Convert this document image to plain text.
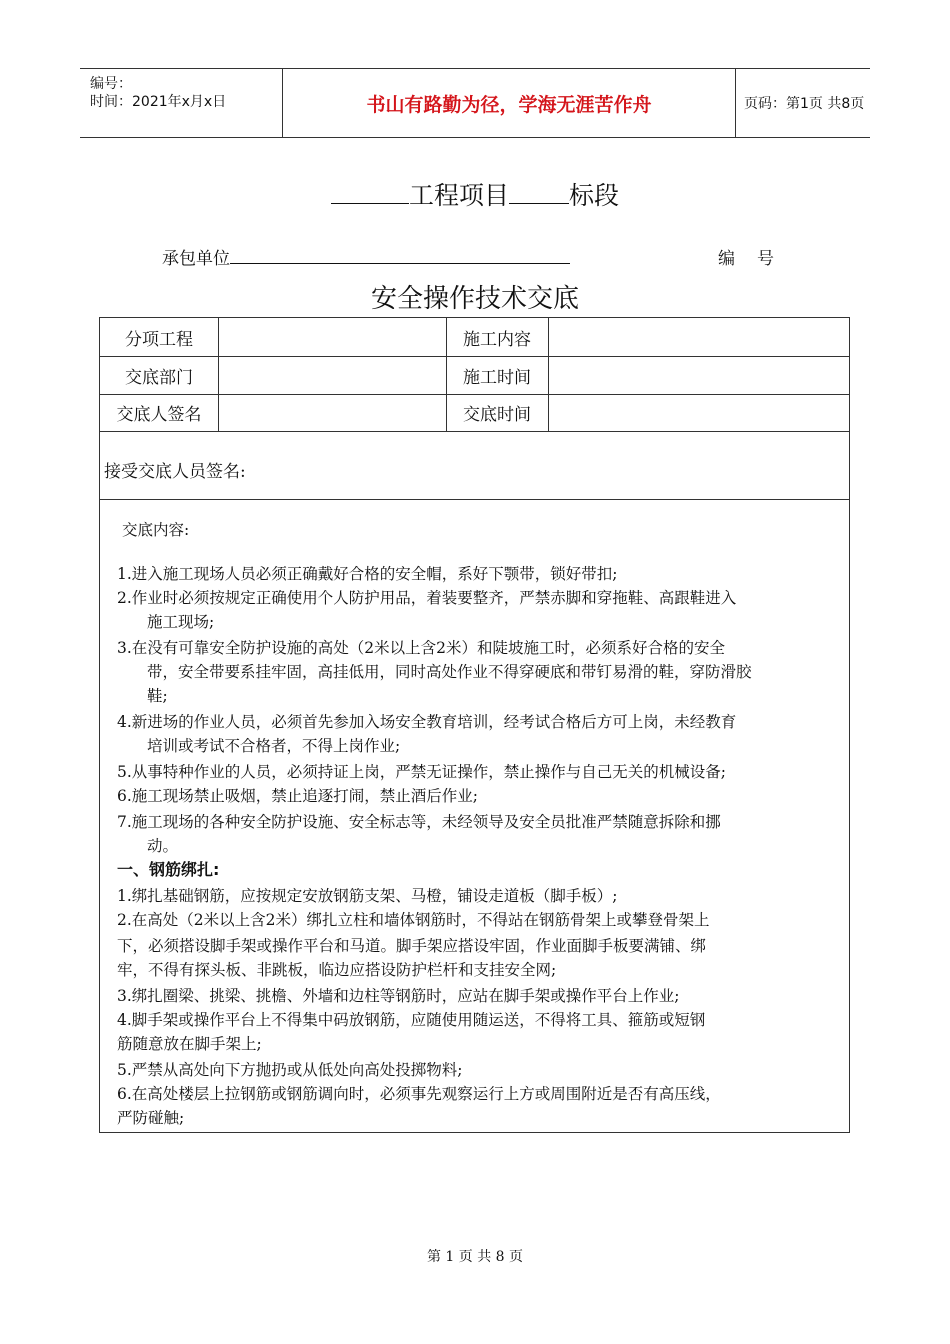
编号：
时间：2021年x月x日	书山有路勤为径，学海无涯苦作舟	页码：第1页 共8页
工程项目 标段
承包单位	编号
安全操作技术交底
分项工程	施工内容
交底部门	施工时间
交底人签名	交底时间
接受交底人员签名:

交底内容:

1.进入施工现场人员必须正确戴好合格的安全帽，系好下颚带，锁好带扣;

2.作业时必须按规定正确使用个人防护用品，着装要整齐，严禁赤脚和穿拖鞋、高跟鞋进入

施工现场;

3.在没有可靠安全防护设施的高处（2米以上含2米）和陡坡施工时，必须系好合格的安全

带，安全带要系挂牢固，高挂低用，同时高处作业不得穿硬底和带钉易滑的鞋，穿防滑胶

鞋;

4.新进场的作业人员，必须首先参加入场安全教育培训，经考试合格后方可上岗，未经教育

培训或考试不合格者，不得上岗作业;

5.从事特种作业的人员，必须持证上岗，严禁无证操作，禁止操作与自己无关的机械设备;

6.施工现场禁止吸烟，禁止追逐打闹，禁止酒后作业;

7.施工现场的各种安全防护设施、安全标志等，未经领导及安全员批准严禁随意拆除和挪

动。

一、钢筋绑扎:

1.绑扎基础钢筋，应按规定安放钢筋支架、马橙，铺设走道板（脚手板）;

2.在高处（2米以上含2米）绑扎立柱和墙体钢筋时，不得站在钢筋骨架上或攀登骨架上

下，必须搭设脚手架或操作平台和马道。脚手架应搭设牢固，作业面脚手板要满铺、绑

牢，不得有探头板、非跳板，临边应搭设防护栏杆和支挂安全网;

3.绑扎圈梁、挑梁、挑檐、外墙和边柱等钢筋时，应站在脚手架或操作平台上作业;

4.脚手架或操作平台上不得集中码放钢筋，应随使用随运送，不得将工具、箍筋或短钢

筋随意放在脚手架上;

5.严禁从高处向下方抛扔或从低处向高处投掷物料;

6.在高处楼层上拉钢筋或钢筋调向时，必须事先观察运行上方或周围附近是否有高压线，

严防碰触;

第 1 页 共 8 页
